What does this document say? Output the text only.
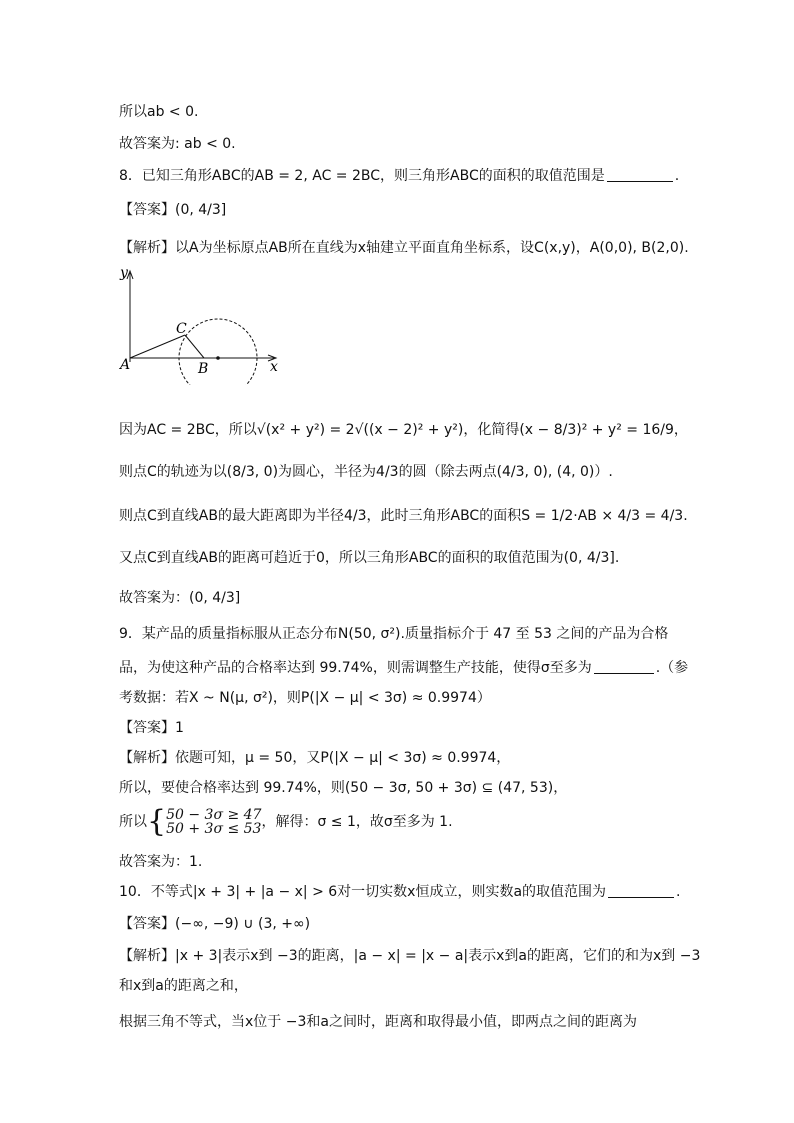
所以ab < 0.
故答案为: ab < 0.
8．已知三角形ABC的AB = 2, AC = 2BC，则三角形ABC的面积的取值范围是	.
【答案】(0, 4/3]
【解析】以A为坐标原点AB所在直线为x轴建立平面直角坐标系，设C(x,y)，A(0,0), B(2,0).
y
x
A	B
C
因为AC = 2BC，所以√(x² + y²) = 2√((x − 2)² + y²)，化简得(x − 8/3)² + y² = 16/9，
则点C的轨迹为以(8/3, 0)为圆心，半径为4/3的圆（除去两点(4/3, 0), (4, 0)）.
则点C到直线AB的最大距离即为半径4/3，此时三角形ABC的面积S = 1/2·AB × 4/3 = 4/3.
又点C到直线AB的距离可趋近于0，所以三角形ABC的面积的取值范围为(0, 4/3].
故答案为：(0, 4/3]
9．某产品的质量指标服从正态分布N(50, σ²).质量指标介于 47 至 53 之间的产品为合格
品，为使这种产品的合格率达到 99.74%，则需调整生产技能，使得σ至多为	.（参
考数据：若X ~ N(μ, σ²)，则P(|X − μ| < 3σ) ≈ 0.9974）
【答案】1
【解析】依题可知，μ = 50，又P(|X − μ| < 3σ) ≈ 0.9974，
所以，要使合格率达到 99.74%，则(50 − 3σ, 50 + 3σ) ⊆ (47, 53)，
所以{50 − 3σ ≥ 47
50 + 3σ ≤ 53，解得：σ ≤ 1，故σ至多为 1.
故答案为：1.
10．不等式|x + 3| + |a − x| > 6对一切实数x恒成立，则实数a的取值范围为	.
【答案】(−∞, −9) ∪ (3, +∞)
【解析】|x + 3|表示x到 −3的距离，|a − x| = |x − a|表示x到a的距离，它们的和为x到 −3
和x到a的距离之和，
根据三角不等式，当x位于 −3和a之间时，距离和取得最小值，即两点之间的距离为
